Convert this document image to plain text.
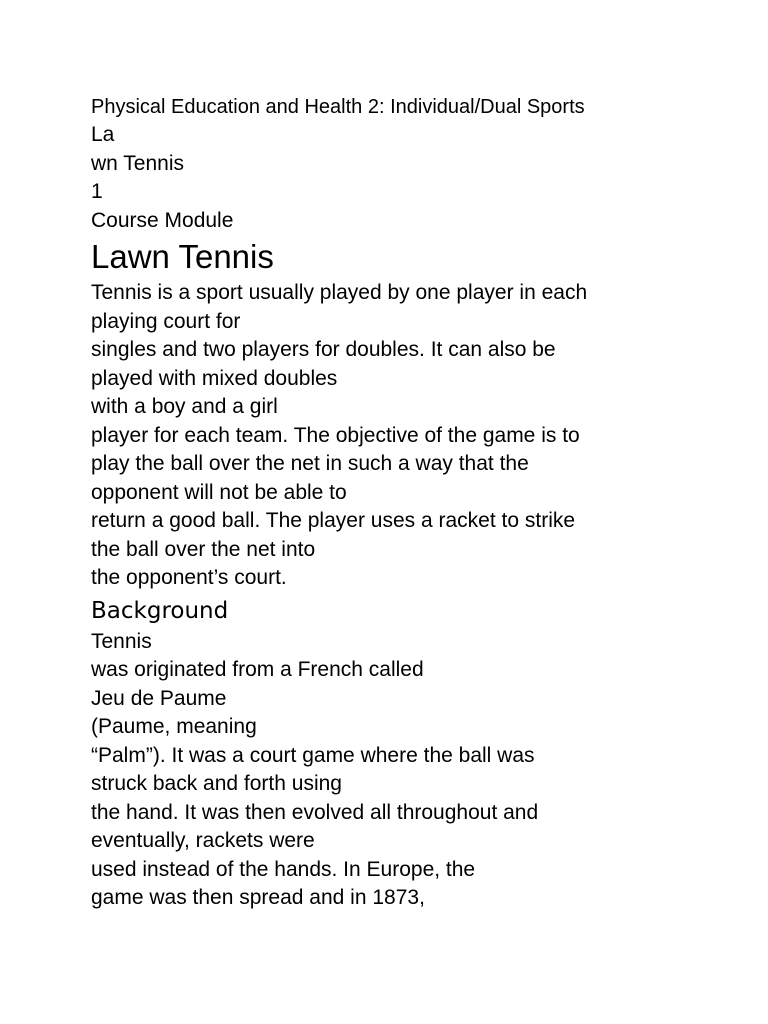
Physical Education and Health 2: Individual/Dual Sports
La
wn Tennis
1
Course Module
Lawn Tennis
Tennis is a sport usually played by one player in each
playing court for
singles and two players for doubles. It can also be
played with mixed doubles
with a boy and a girl
player for each team. The objective of the game is to
play the ball over the net in such a way that the
opponent will not be able to
return a good ball. The player uses a racket to strike
the ball over the net into
the opponent’s court.
Background
Tennis
was originated from a French called
Jeu de Paume
(Paume, meaning
“Palm”). It was a court game where the ball was
struck back and forth using
the hand. It was then evolved all throughout and
eventually, rackets were
used instead of the hands. In Europe, the
game was then spread and in 1873,
